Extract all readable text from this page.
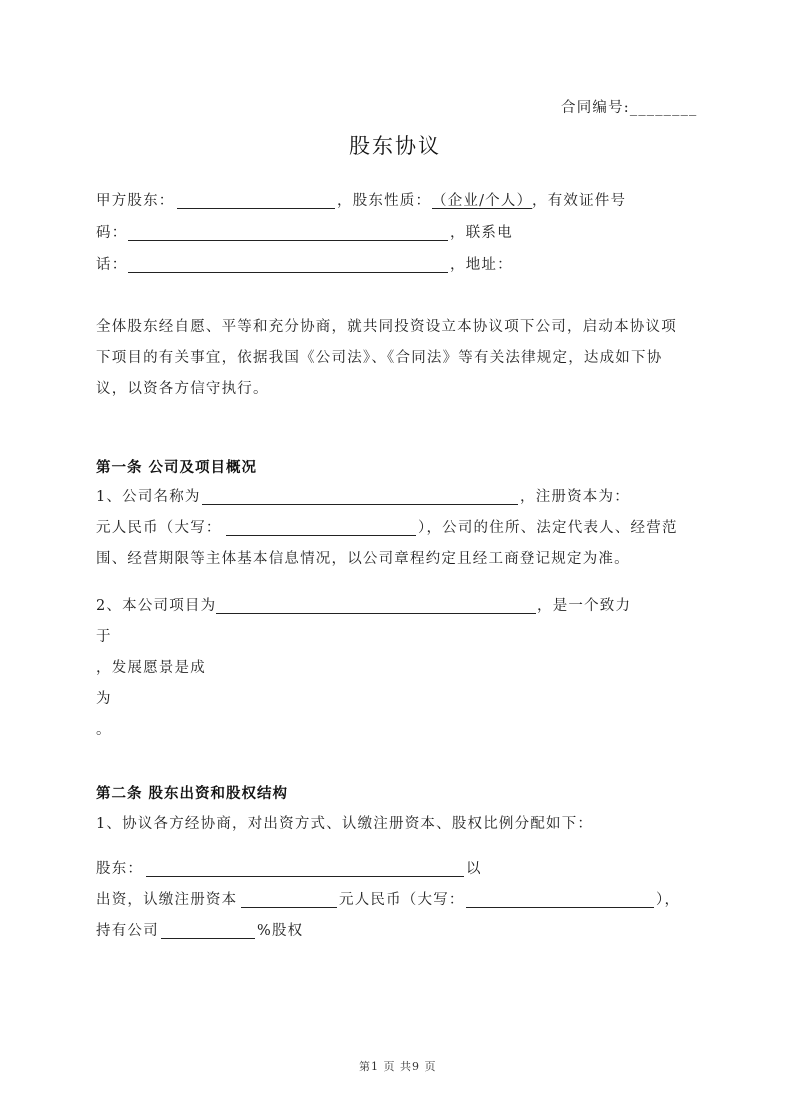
合同编号:________
股东协议
甲方股东：	，股东性质： （企业/个人） ，有效证件号
码：	，联系电
话：	，地址：
全体股东经自愿、平等和充分协商，就共同投资设立本协议项下公司，启动本协议项
下项目的有关事宜，依据我国《公司法》、《合同法》等有关法律规定，达成如下协
议，以资各方信守执行。
第一条 公司及项目概况
1、公司名称为	，注册资本为：
元人民币（大写：	），公司的住所、法定代表人、经营范
围、经营期限等主体基本信息情况，以公司章程约定且经工商登记规定为准。
2、本公司项目为	，是一个致力
于
，发展愿景是成
为
。
第二条 股东出资和股权结构
1、协议各方经协商，对出资方式、认缴注册资本、股权比例分配如下：
股东：	以
出资，认缴注册资本	元人民币（大写：	），
持有公司	%股权
第1 页 共9 页
